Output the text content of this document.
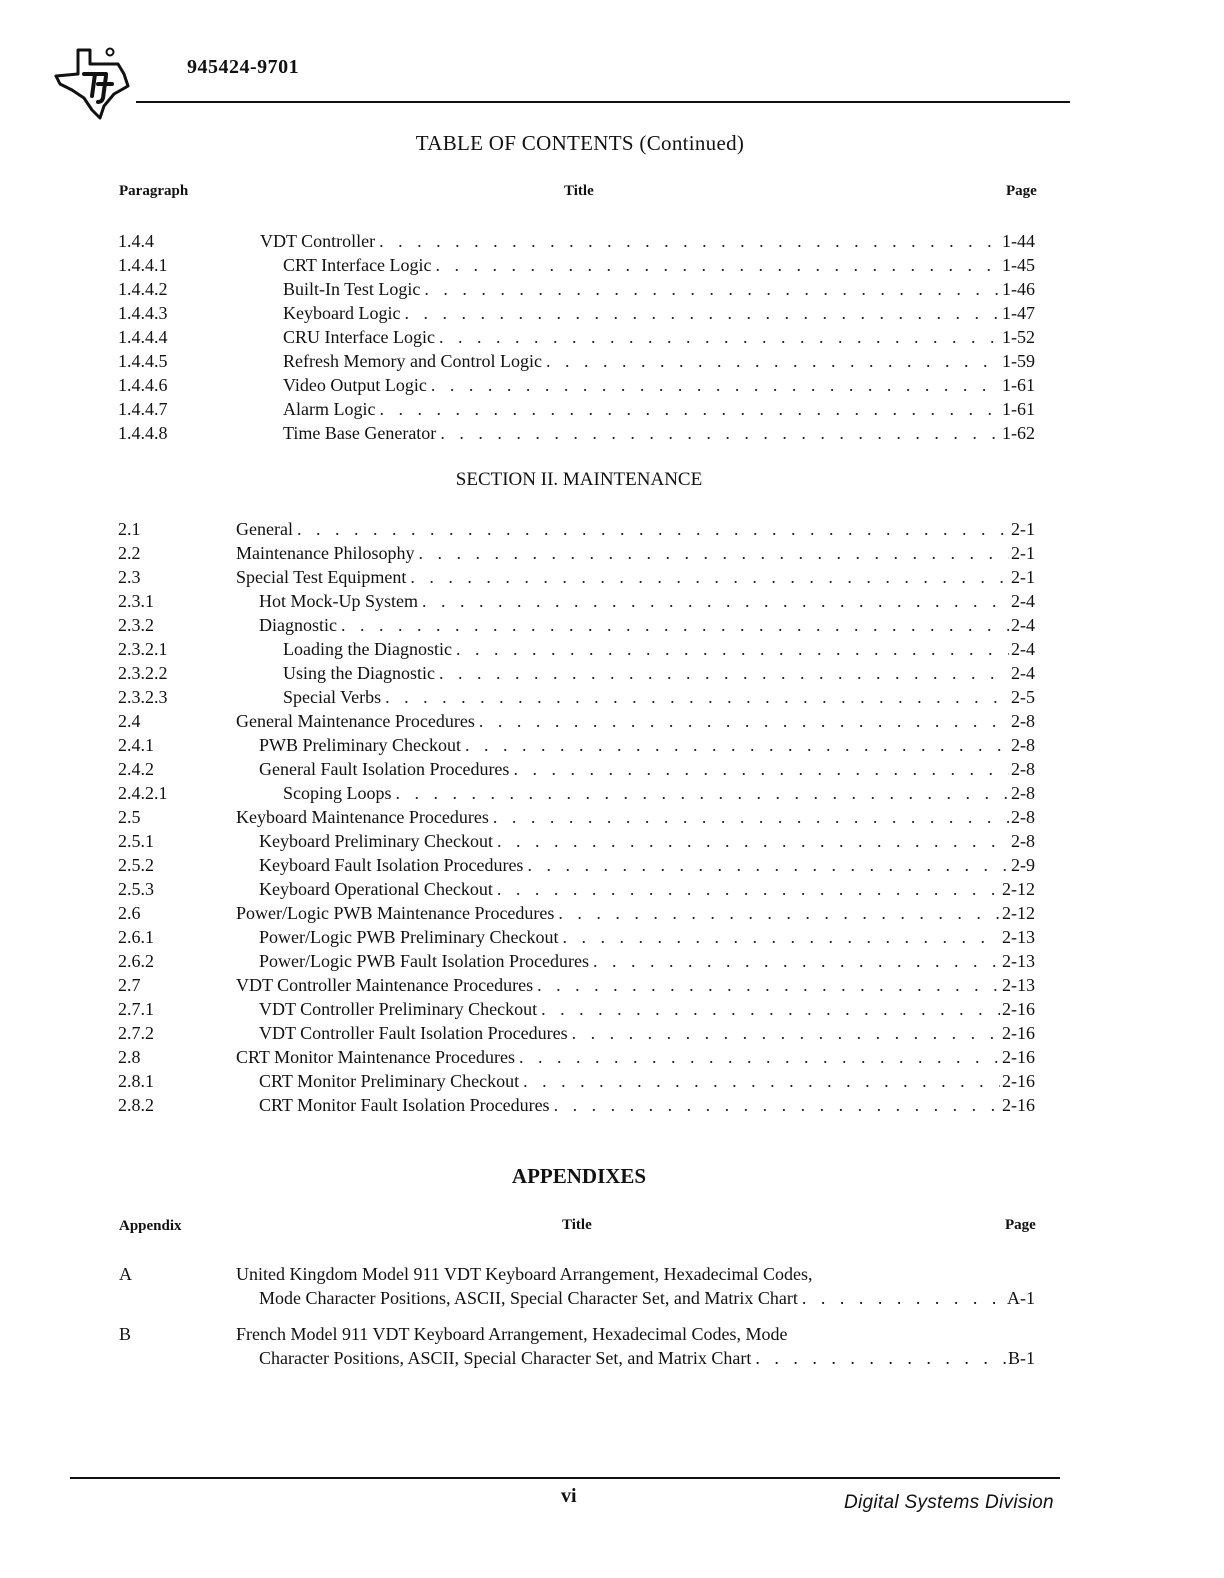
945424-9701
TABLE OF CONTENTS (Continued)
Paragraph	Title	Page
1.4.4	VDT Controller . . .	1-44
1.4.4.1	CRT Interface Logic . . .	1-45
1.4.4.2	Built-In Test Logic . . .	1-46
1.4.4.3	Keyboard Logic . . .	1-47
1.4.4.4	CRU Interface Logic . . .	1-52
1.4.4.5	Refresh Memory and Control Logic . . .	1-59
1.4.4.6	Video Output Logic . . .	1-61
1.4.4.7	Alarm Logic . . .	1-61
1.4.4.8	Time Base Generator . . .	1-62
SECTION II. MAINTENANCE
2.1	General . . .	2-1
2.2	Maintenance Philosophy . . .	2-1
2.3	Special Test Equipment . . .	2-1
2.3.1	Hot Mock-Up System . . .	2-4
2.3.2	Diagnostic . . .	2-4
2.3.2.1	Loading the Diagnostic . . .	2-4
2.3.2.2	Using the Diagnostic . . .	2-4
2.3.2.3	Special Verbs . . .	2-5
2.4	General Maintenance Procedures . . .	2-8
2.4.1	PWB Preliminary Checkout . . .	2-8
2.4.2	General Fault Isolation Procedures . . .	2-8
2.4.2.1	Scoping Loops . . .	2-8
2.5	Keyboard Maintenance Procedures . . .	2-8
2.5.1	Keyboard Preliminary Checkout . . .	2-8
2.5.2	Keyboard Fault Isolation Procedures . . .	2-9
2.5.3	Keyboard Operational Checkout . . .	2-12
2.6	Power/Logic PWB Maintenance Procedures . . .	2-12
2.6.1	Power/Logic PWB Preliminary Checkout . . .	2-13
2.6.2	Power/Logic PWB Fault Isolation Procedures . . .	2-13
2.7	VDT Controller Maintenance Procedures . . .	2-13
2.7.1	VDT Controller Preliminary Checkout . . .	2-16
2.7.2	VDT Controller Fault Isolation Procedures . . .	2-16
2.8	CRT Monitor Maintenance Procedures . . .	2-16
2.8.1	CRT Monitor Preliminary Checkout . . .	2-16
2.8.2	CRT Monitor Fault Isolation Procedures . . .	2-16
APPENDIXES
Appendix	Title	Page
A	United Kingdom Model 911 VDT Keyboard Arrangement, Hexadecimal Codes,
Mode Character Positions, ASCII, Special Character Set, and Matrix Chart . . .	A-1
B	French Model 911 VDT Keyboard Arrangement, Hexadecimal Codes, Mode
Character Positions, ASCII, Special Character Set, and Matrix Chart . . .	B-1
vi	Digital Systems Division
